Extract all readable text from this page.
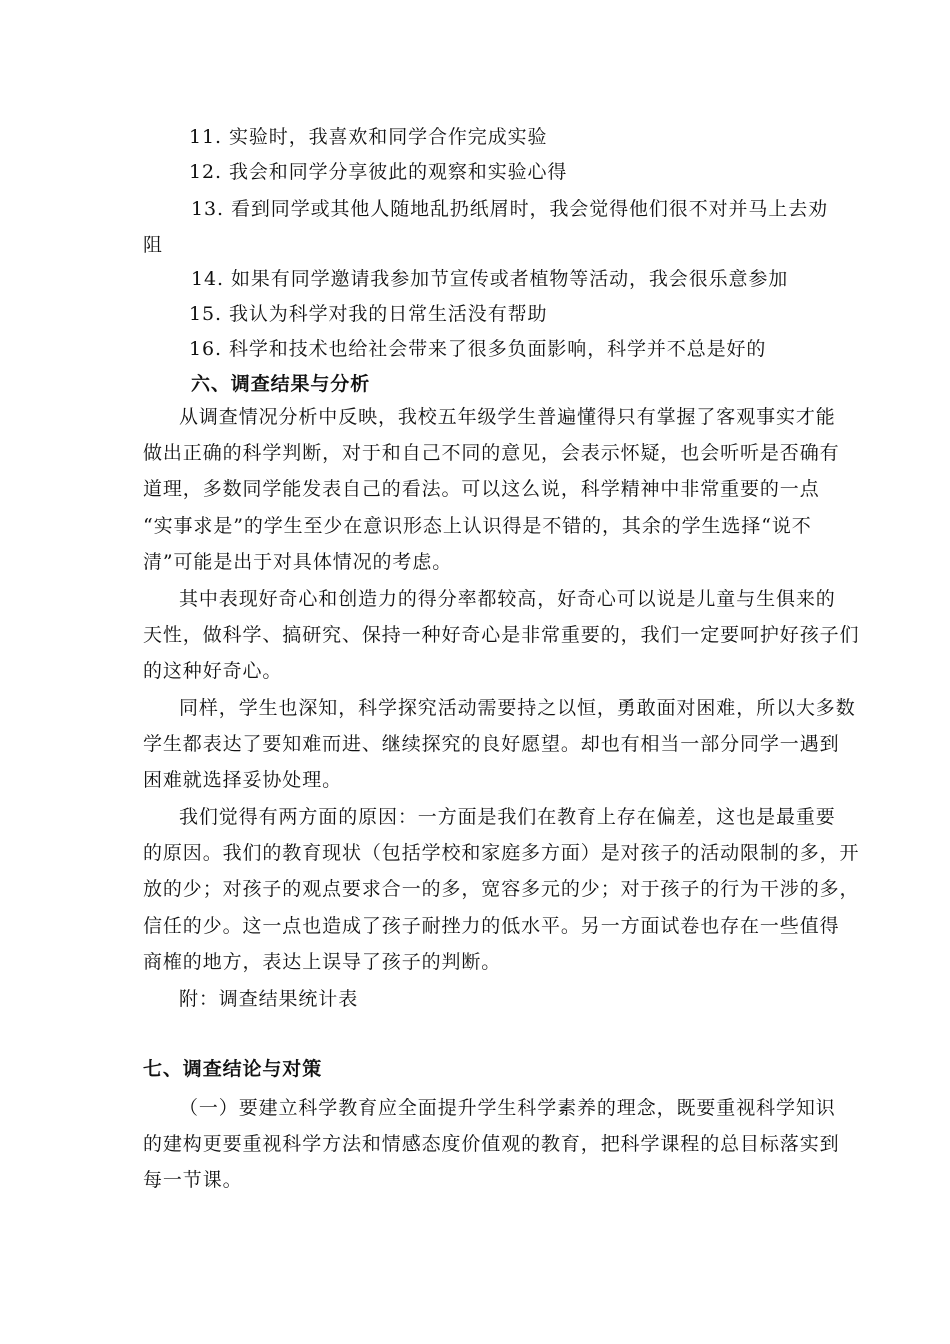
11. 实验时，我喜欢和同学合作完成实验
12. 我会和同学分享彼此的观察和实验心得
13. 看到同学或其他人随地乱扔纸屑时，我会觉得他们很不对并马上去劝
阻
14. 如果有同学邀请我参加节宣传或者植物等活动，我会很乐意参加
15. 我认为科学对我的日常生活没有帮助
16. 科学和技术也给社会带来了很多负面影响，科学并不总是好的
六、调查结果与分析
从调查情况分析中反映，我校五年级学生普遍懂得只有掌握了客观事实才能
做出正确的科学判断，对于和自己不同的意见，会表示怀疑，也会听听是否确有
道理，多数同学能发表自己的看法。可以这么说，科学精神中非常重要的一点
“实事求是”的学生至少在意识形态上认识得是不错的，其余的学生选择“说不
清”可能是出于对具体情况的考虑。
其中表现好奇心和创造力的得分率都较高，好奇心可以说是儿童与生俱来的
天性，做科学、搞研究、保持一种好奇心是非常重要的，我们一定要呵护好孩子们
的这种好奇心。
同样，学生也深知，科学探究活动需要持之以恒，勇敢面对困难，所以大多数
学生都表达了要知难而进、继续探究的良好愿望。却也有相当一部分同学一遇到
困难就选择妥协处理。
我们觉得有两方面的原因：一方面是我们在教育上存在偏差，这也是最重要
的原因。我们的教育现状（包括学校和家庭多方面）是对孩子的活动限制的多，开
放的少；对孩子的观点要求合一的多，宽容多元的少；对于孩子的行为干涉的多，
信任的少。这一点也造成了孩子耐挫力的低水平。另一方面试卷也存在一些值得
商榷的地方，表达上误导了孩子的判断。
附：调查结果统计表
七、调查结论与对策
（一）要建立科学教育应全面提升学生科学素养的理念，既要重视科学知识
的建构更要重视科学方法和情感态度价值观的教育，把科学课程的总目标落实到
每一节课。
